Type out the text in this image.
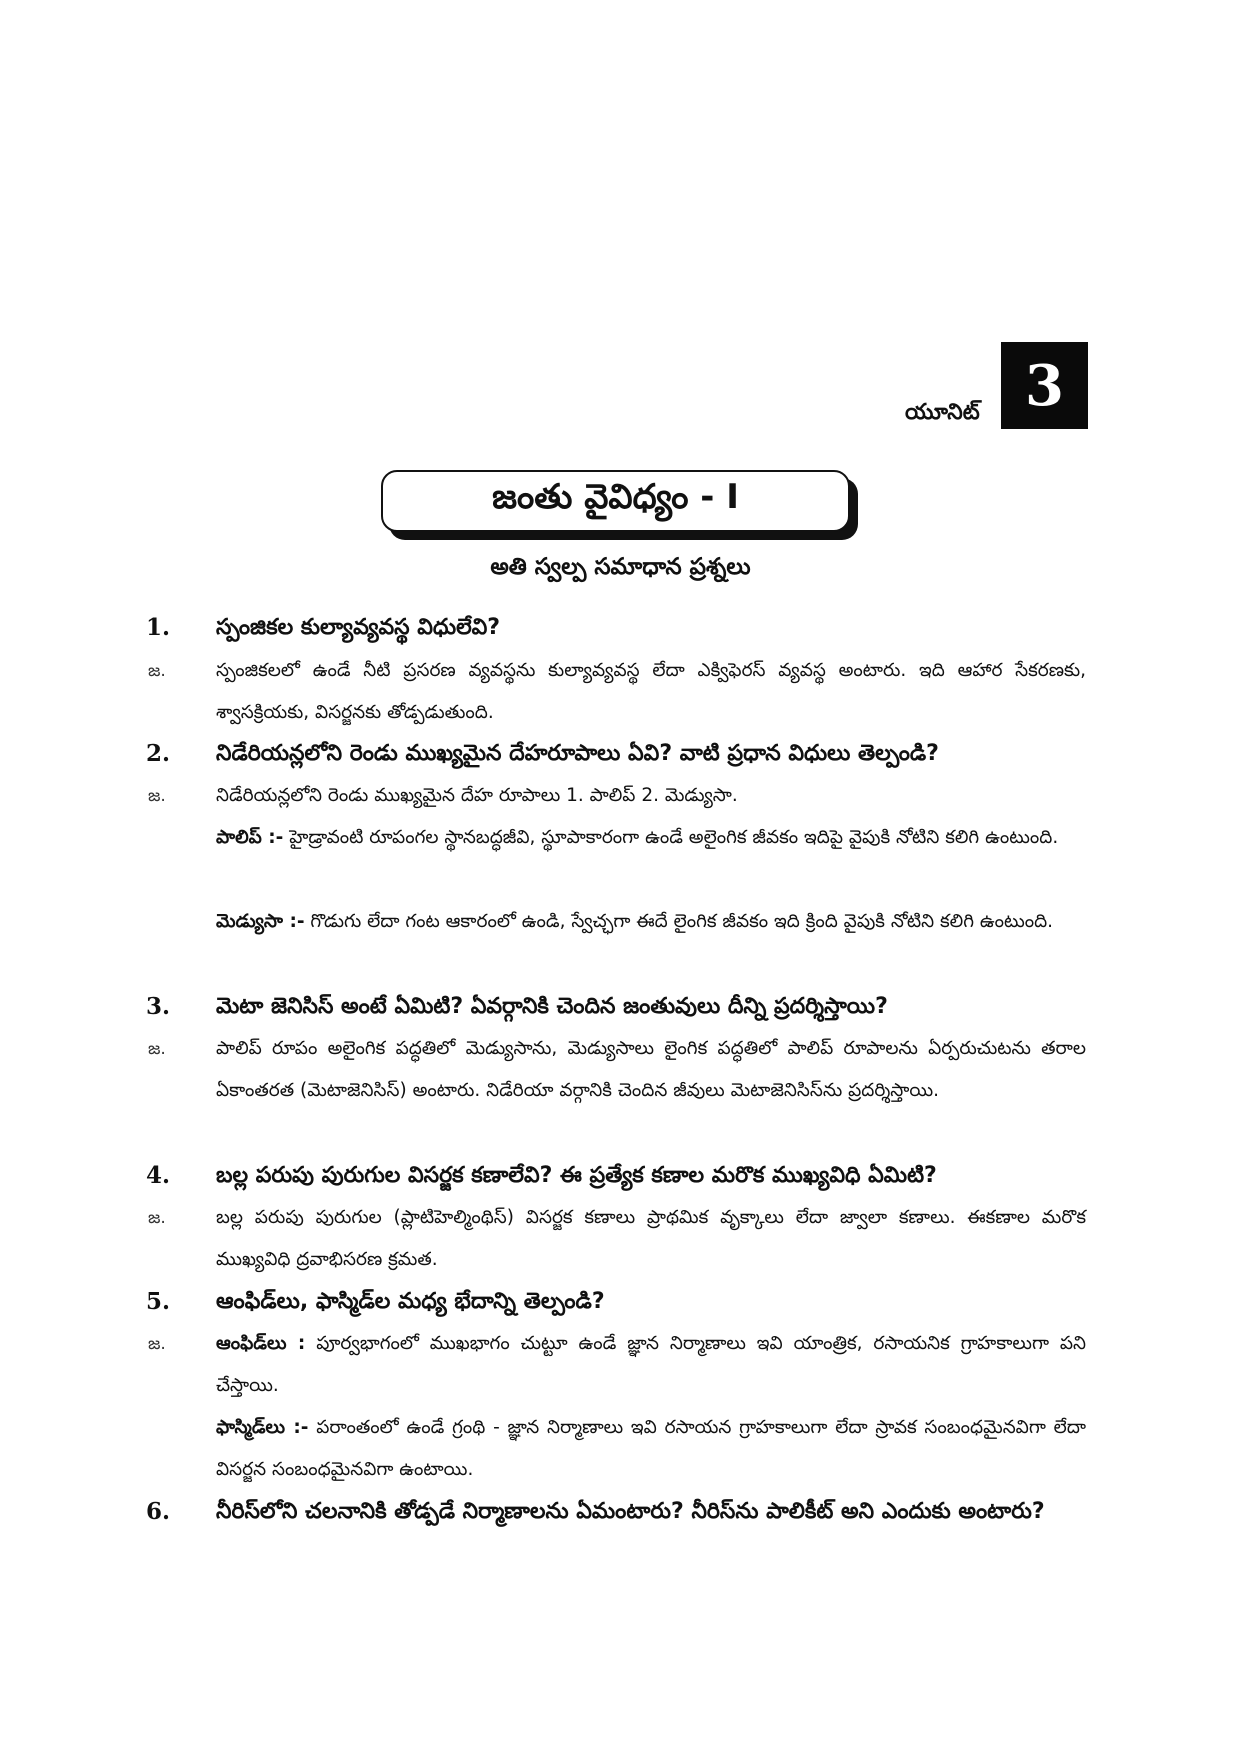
యూనిట్ 3
జంతు వైవిధ్యం - I
అతి స్వల్ప సమాధాన ప్రశ్నలు
1. స్పంజికల కుల్యావ్యవస్థ విధులేవి?
జ.	స్పంజికలలో ఉండే నీటి ప్రసరణ వ్యవస్థను కుల్యావ్యవస్థ లేదా ఎక్విఫెరస్ వ్యవస్థ అంటారు. ఇది ఆహార సేకరణకు, శ్వాసక్రియకు, విసర్జనకు తోడ్పడుతుంది.
2. నిడేరియన్లలోని రెండు ముఖ్యమైన దేహరూపాలు ఏవి? వాటి ప్రధాన విధులు తెల్పండి?
జ.	నిడేరియన్లలోని రెండు ముఖ్యమైన దేహ రూపాలు 1. పాలిప్ 2. మెడ్యుసా.
పాలిప్ :- హైడ్రావంటి రూపంగల స్థానబద్ధజీవి, స్థూపాకారంగా ఉండే అలైంగిక జీవకం ఇదిపై వైపుకి నోటిని కలిగి ఉంటుంది.
మెడ్యుసా :- గొడుగు లేదా గంట ఆకారంలో ఉండి, స్వేచ్ఛగా ఈదే లైంగిక జీవకం ఇది క్రింది వైపుకి నోటిని కలిగి ఉంటుంది.
3. మెటా జెనిసిస్ అంటే ఏమిటి? ఏవర్గానికి చెందిన జంతువులు దీన్ని ప్రదర్శిస్తాయి?
జ.	పాలిప్ రూపం అలైంగిక పద్ధతిలో మెడ్యుసాను, మెడ్యుసాలు లైంగిక పద్ధతిలో పాలిప్ రూపాలను ఏర్పరుచుటను తరాల ఏకాంతరత (మెటాజెనిసిస్) అంటారు. నిడేరియా వర్గానికి చెందిన జీవులు మెటాజెనిసిస్‌ను ప్రదర్శిస్తాయి.
4. బల్ల పరుపు పురుగుల విసర్జక కణాలేవి? ఈ ప్రత్యేక కణాల మరొక ముఖ్యవిధి ఏమిటి?
జ.	బల్ల పరుపు పురుగుల (ప్లాటిహెల్మింథిస్) విసర్జక కణాలు ప్రాథమిక వృక్కాలు లేదా జ్వాలా కణాలు. ఈకణాల మరొక ముఖ్యవిధి ద్రవాభిసరణ క్రమత.
5. ఆంఫిడ్‌లు, ఫాస్మిడ్‌ల మధ్య భేదాన్ని తెల్పండి?
జ.	ఆంఫిడ్‌లు : పూర్వభాగంలో ముఖభాగం చుట్టూ ఉండే జ్ఞాన నిర్మాణాలు ఇవి యాంత్రిక, రసాయనిక గ్రాహకాలుగా పని చేస్తాయి.
ఫాస్మిడ్‌లు :- పరాంతంలో ఉండే గ్రంథి - జ్ఞాన నిర్మాణాలు ఇవి రసాయన గ్రాహకాలుగా లేదా స్రావక సంబంధమైనవిగా లేదా విసర్జన సంబంధమైనవిగా ఉంటాయి.
6. నీరిస్‌లోని చలనానికి తోడ్పడే నిర్మాణాలను ఏమంటారు? నీరిస్‌ను పాలికీట్ అని ఎందుకు అంటారు?
